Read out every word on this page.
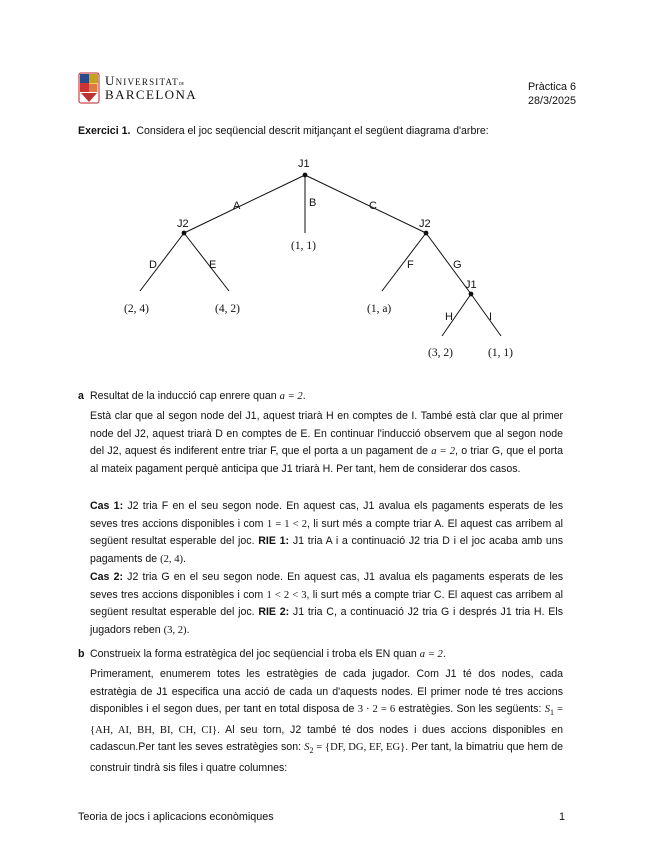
Universitatde
BARCELONA	Pràctica 6
28/3/2025
Exercici 1. Considera el joc seqüencial descrit mitjançant el següent diagrama d'arbre:
J1
J2	J2
J1
A	B	C
D	E	F	G
H	I
(1, 1)
(2, 4)	(4, 2)	(1, a)
(3, 2)	(1, 1)
a Resultat de la inducció cap enrere quan a = 2.
Està clar que al segon node del J1, aquest triarà H en comptes de I. També està clar que al primer node del J2, aquest triarà D en comptes de E. En continuar l'inducció observem que al segon node del J2, aquest és indiferent entre triar F, que el porta a un pagament de a = 2, o triar G, que el porta al mateix pagament perquè anticipa que J1 triarà H. Per tant, hem de considerar dos casos.
Cas 1: J2 tria F en el seu segon node. En aquest cas, J1 avalua els pagaments esperats de les seves tres accions disponibles i com 1 = 1 < 2, li surt més a compte triar A. El aquest cas arribem al següent resultat esperable del joc. RIE 1: J1 tria A i a continuació J2 tria D i el joc acaba amb uns pagaments de (2, 4).
Cas 2: J2 tria G en el seu segon node. En aquest cas, J1 avalua els pagaments esperats de les seves tres accions disponibles i com 1 < 2 < 3, li surt més a compte triar C. El aquest cas arribem al següent resultat esperable del joc. RIE 2: J1 tria C, a continuació J2 tria G i després J1 tria H. Els jugadors reben (3, 2).
b Construeix la forma estratègica del joc seqüencial i troba els EN quan a = 2.
Primerament, enumerem totes les estratègies de cada jugador. Com J1 té dos nodes, cada estratègia de J1 especifica una acció de cada un d'aquests nodes. El primer node té tres accions disponibles i el segon dues, per tant en total disposa de 3 · 2 = 6 estratègies. Son les següents: $S_1 = \{AH$, AI, BH, BI, CH, CI}. Al seu torn, J2 també té dos nodes i dues accions disponibles en cadascun.Per tant les seves estratègies son: $S_2 = \{DF$, DG, EF, EG}. Per tant, la bimatriu que hem de construir tindrà sis files i quatre columnes:
Teoria de jocs i aplicacions econòmiques	1
